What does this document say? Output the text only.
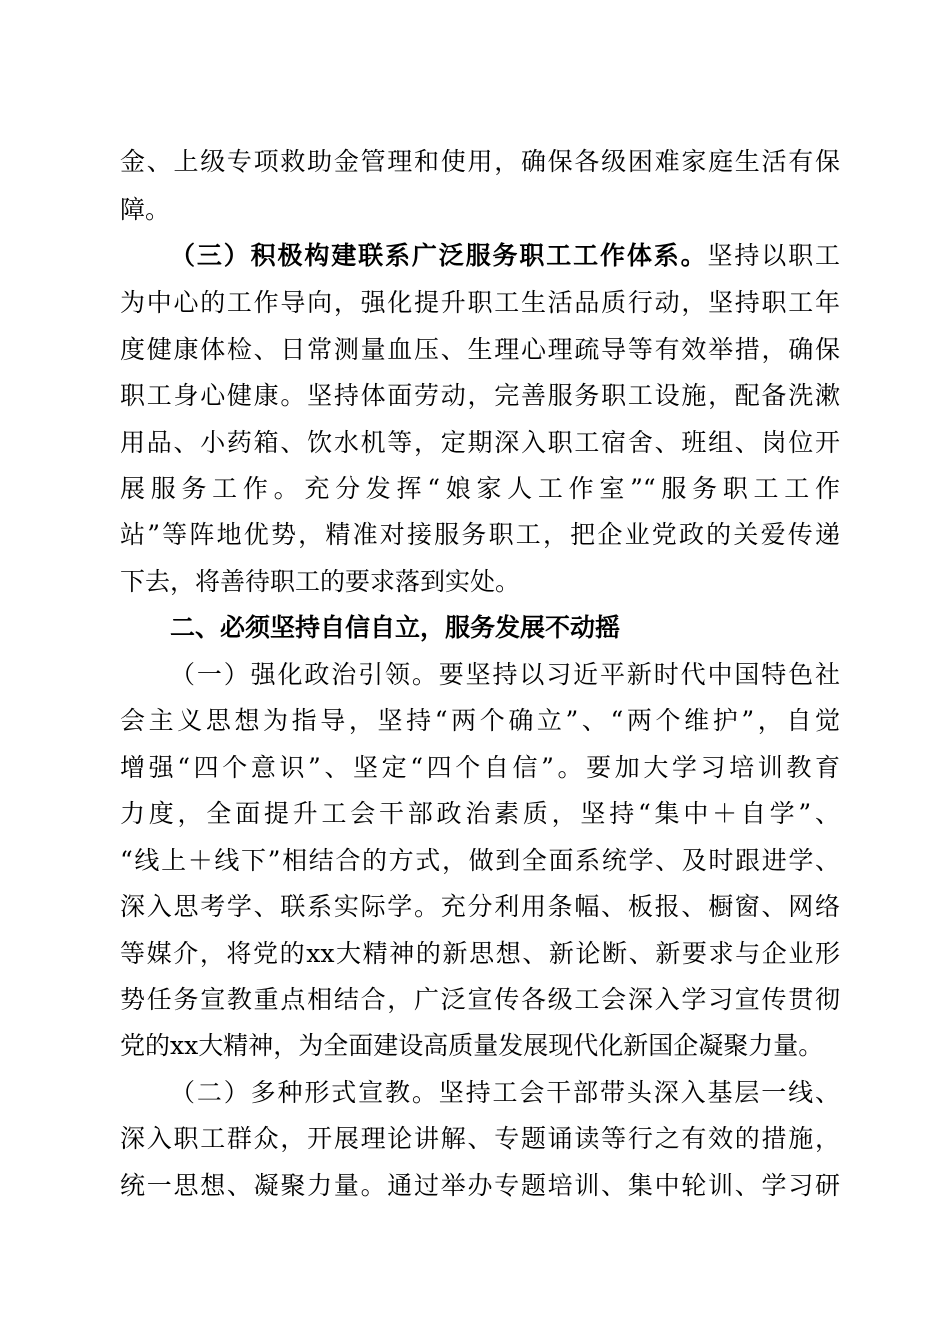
金、上级专项救助金管理和使用，确保各级困难家庭生活有保

障。

（三）积极构建联系广泛服务职工工作体系。坚持以职工

为中心的工作导向，强化提升职工生活品质行动，坚持职工年

度健康体检、日常测量血压、生理心理疏导等有效举措，确保

职工身心健康。坚持体面劳动，完善服务职工设施，配备洗漱

用品、小药箱、饮水机等，定期深入职工宿舍、班组、岗位开

展服务工作。充分发挥“娘家人工作室”“服务职工工作

站”等阵地优势，精准对接服务职工，把企业党政的关爱传递

下去，将善待职工的要求落到实处。

二、必须坚持自信自立，服务发展不动摇

（一）强化政治引领。要坚持以习近平新时代中国特色社

会主义思想为指导，坚持“两个确立”、“两个维护”，自觉

增强“四个意识”、坚定“四个自信”。要加大学习培训教育

力度，全面提升工会干部政治素质，坚持“集中＋自学”、

“线上＋线下”相结合的方式，做到全面系统学、及时跟进学、

深入思考学、联系实际学。充分利用条幅、板报、橱窗、网络

等媒介，将党的xx大精神的新思想、新论断、新要求与企业形

势任务宣教重点相结合，广泛宣传各级工会深入学习宣传贯彻

党的xx大精神，为全面建设高质量发展现代化新国企凝聚力量。

（二）多种形式宣教。坚持工会干部带头深入基层一线、

深入职工群众，开展理论讲解、专题诵读等行之有效的措施，

统一思想、凝聚力量。通过举办专题培训、集中轮训、学习研
